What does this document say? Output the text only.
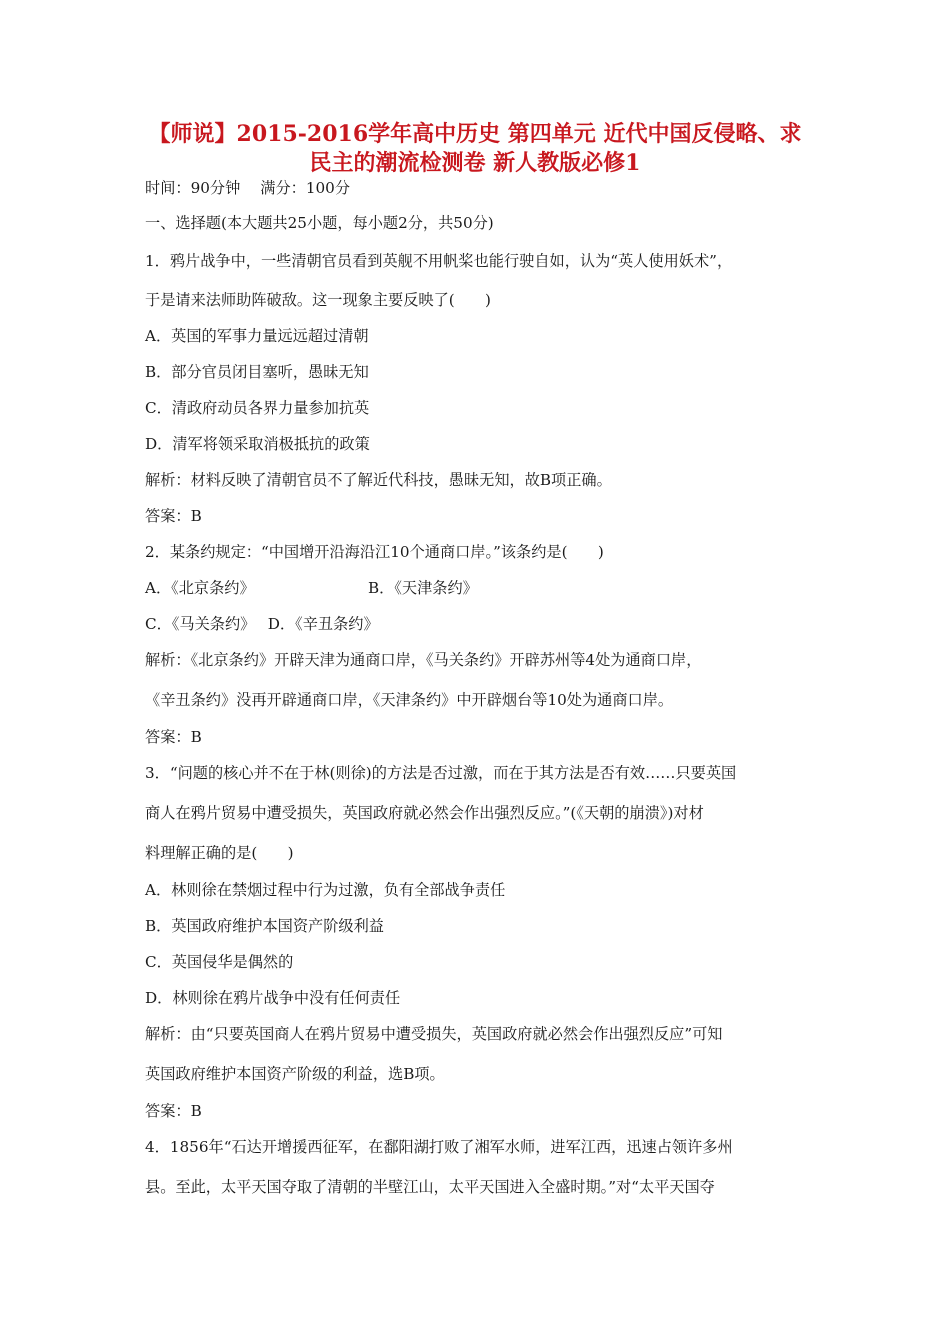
【师说】2015-2016学年高中历史 第四单元 近代中国反侵略、求
民主的潮流检测卷 新人教版必修1
时间：90分钟　 满分：100分
一、选择题(本大题共25小题，每小题2分，共50分)
1．鸦片战争中，一些清朝官员看到英舰不用帆桨也能行驶自如，认为“英人使用妖术”，
于是请来法师助阵破敌。这一现象主要反映了(　　)
A．英国的军事力量远远超过清朝
B．部分官员闭目塞听，愚昧无知
C．清政府动员各界力量参加抗英
D．清军将领采取消极抵抗的政策
解析：材料反映了清朝官员不了解近代科技，愚昧无知，故B项正确。
答案：B
2．某条约规定：“中国增开沿海沿江10个通商口岸。”该条约是(　　)
A．《北京条约》	B．《天津条约》
C．《马关条约》　 D．《辛丑条约》
解析：《北京条约》开辟天津为通商口岸，《马关条约》开辟苏州等4处为通商口岸，
《辛丑条约》没再开辟通商口岸，《天津条约》中开辟烟台等10处为通商口岸。
答案：B
3．“问题的核心并不在于林(则徐)的方法是否过激，而在于其方法是否有效……只要英国
商人在鸦片贸易中遭受损失，英国政府就必然会作出强烈反应。”(《天朝的崩溃》)对材
料理解正确的是(　　)
A．林则徐在禁烟过程中行为过激，负有全部战争责任
B．英国政府维护本国资产阶级利益
C．英国侵华是偶然的
D．林则徐在鸦片战争中没有任何责任
解析：由“只要英国商人在鸦片贸易中遭受损失，英国政府就必然会作出强烈反应”可知
英国政府维护本国资产阶级的利益，选B项。
答案：B
4．1856年“石达开增援西征军，在鄱阳湖打败了湘军水师，进军江西，迅速占领许多州
县。至此，太平天国夺取了清朝的半壁江山，太平天国进入全盛时期。”对“太平天国夺
